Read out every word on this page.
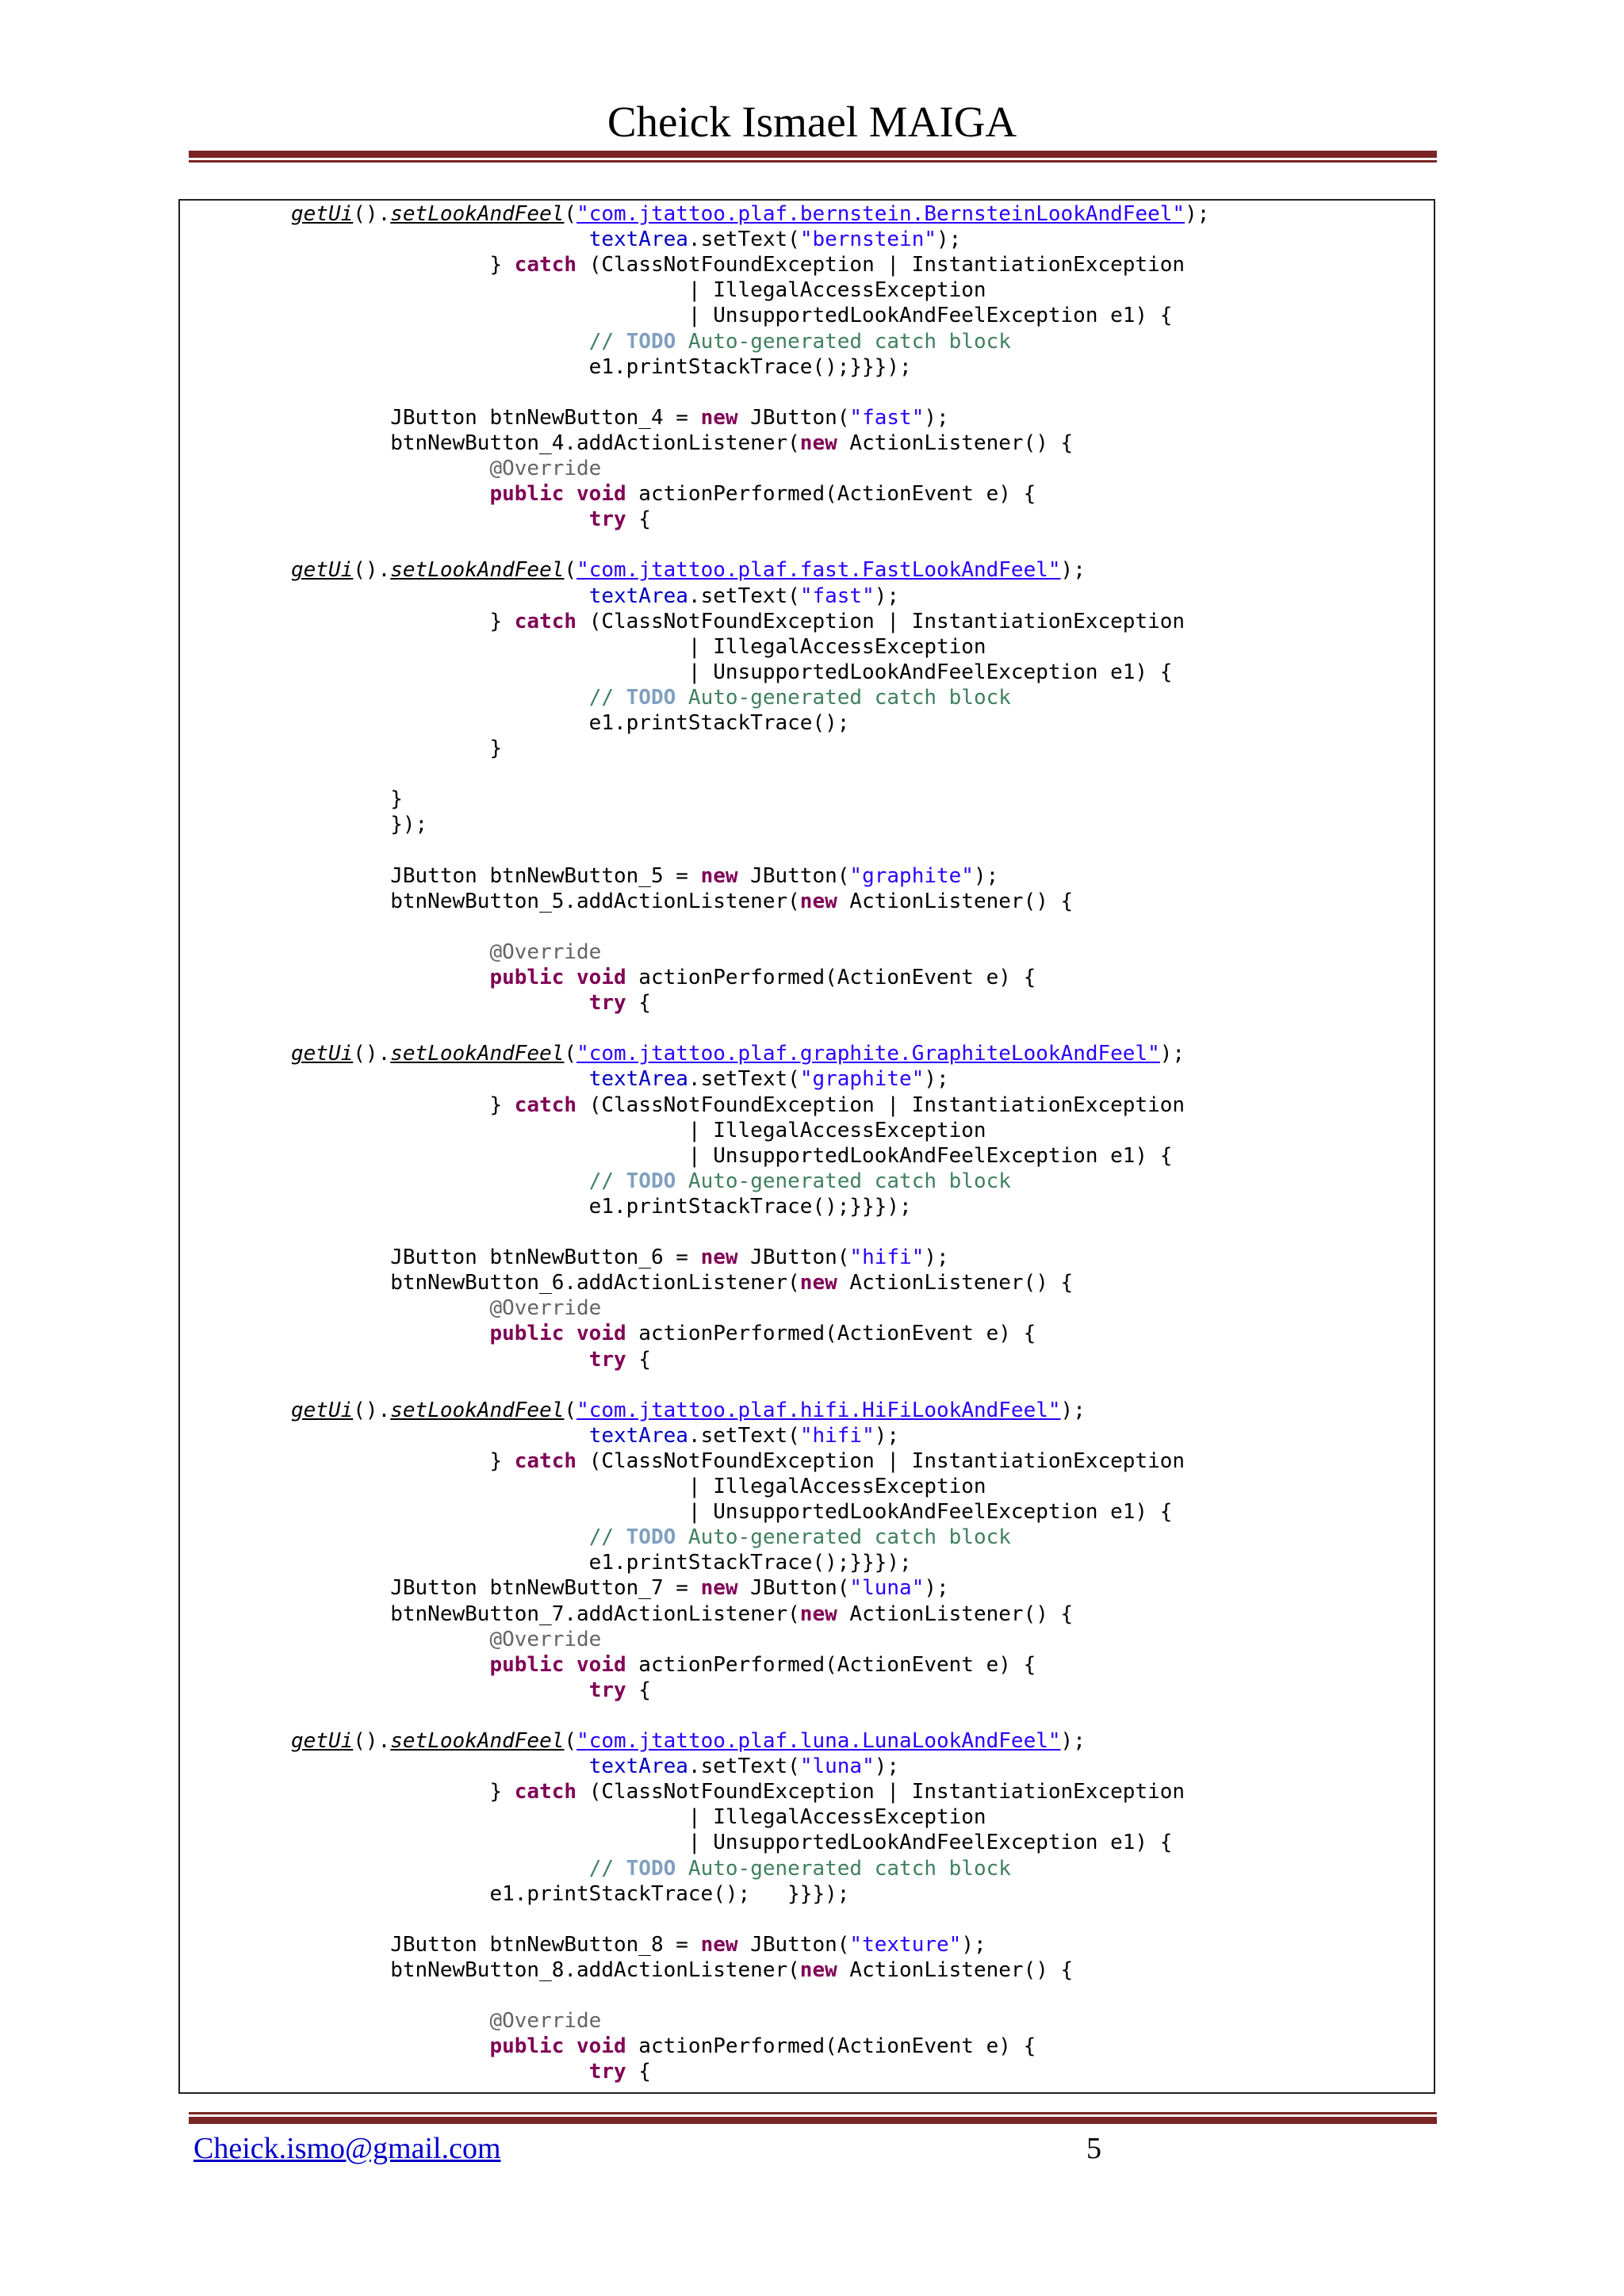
Cheick Ismael MAIGA
getUi().setLookAndFeel("com.jtattoo.plaf.bernstein.BernsteinLookAndFeel");
textArea.setText("bernstein");
} catch (ClassNotFoundException | InstantiationException
| IllegalAccessException
| UnsupportedLookAndFeelException e1) {
// TODO Auto-generated catch block
e1.printStackTrace();}}});
JButton btnNewButton_4 = new JButton("fast");
btnNewButton_4.addActionListener(new ActionListener() {
@Override
public void actionPerformed(ActionEvent e) {
try {
getUi().setLookAndFeel("com.jtattoo.plaf.fast.FastLookAndFeel");
textArea.setText("fast");
} catch (ClassNotFoundException | InstantiationException
| IllegalAccessException
| UnsupportedLookAndFeelException e1) {
// TODO Auto-generated catch block
e1.printStackTrace();
}
}
});
JButton btnNewButton_5 = new JButton("graphite");
btnNewButton_5.addActionListener(new ActionListener() {
@Override
public void actionPerformed(ActionEvent e) {
try {
getUi().setLookAndFeel("com.jtattoo.plaf.graphite.GraphiteLookAndFeel");
textArea.setText("graphite");
} catch (ClassNotFoundException | InstantiationException
| IllegalAccessException
| UnsupportedLookAndFeelException e1) {
// TODO Auto-generated catch block
e1.printStackTrace();}}});
JButton btnNewButton_6 = new JButton("hifi");
btnNewButton_6.addActionListener(new ActionListener() {
@Override
public void actionPerformed(ActionEvent e) {
try {
getUi().setLookAndFeel("com.jtattoo.plaf.hifi.HiFiLookAndFeel");
textArea.setText("hifi");
} catch (ClassNotFoundException | InstantiationException
| IllegalAccessException
| UnsupportedLookAndFeelException e1) {
// TODO Auto-generated catch block
e1.printStackTrace();}}});
JButton btnNewButton_7 = new JButton("luna");
btnNewButton_7.addActionListener(new ActionListener() {
@Override
public void actionPerformed(ActionEvent e) {
try {
getUi().setLookAndFeel("com.jtattoo.plaf.luna.LunaLookAndFeel");
textArea.setText("luna");
} catch (ClassNotFoundException | InstantiationException
| IllegalAccessException
| UnsupportedLookAndFeelException e1) {
// TODO Auto-generated catch block
e1.printStackTrace();   }}});
JButton btnNewButton_8 = new JButton("texture");
btnNewButton_8.addActionListener(new ActionListener() {
@Override
public void actionPerformed(ActionEvent e) {
try {
Cheick.ismo@gmail.com	5
